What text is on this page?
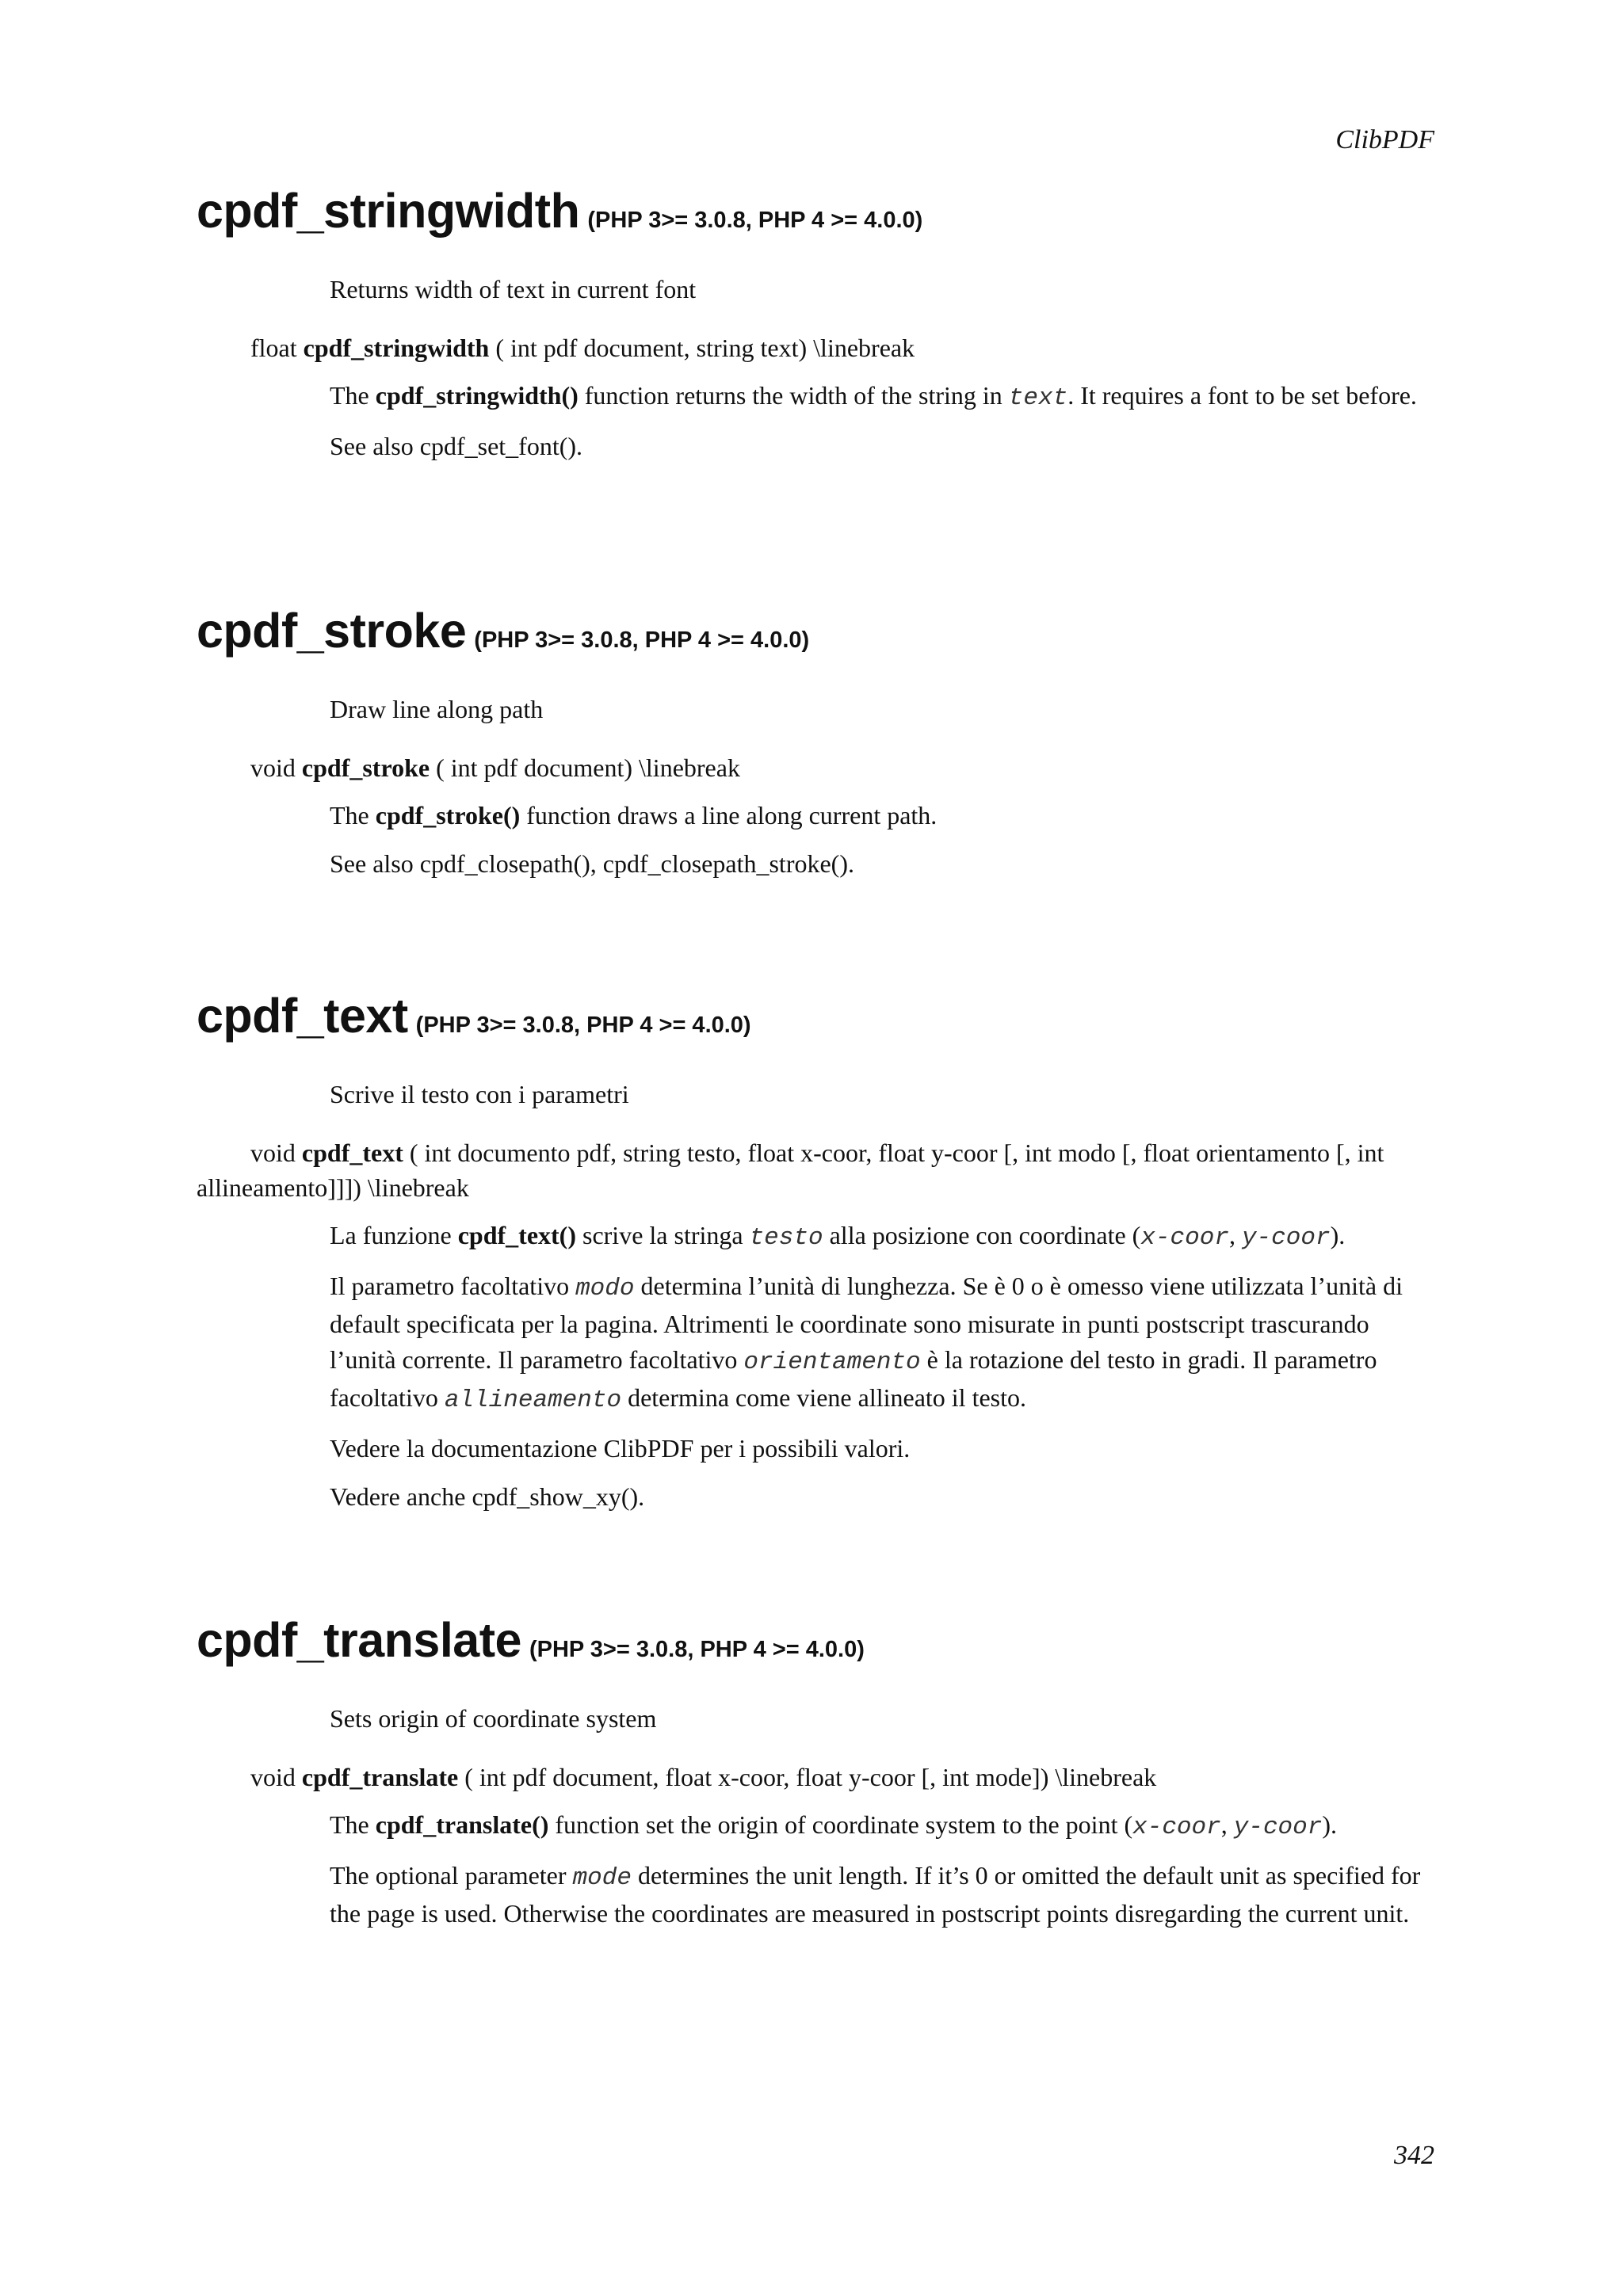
ClibPDF
cpdf_stringwidth (PHP 3>= 3.0.8, PHP 4 >= 4.0.0)

Returns width of text in current font

float cpdf_stringwidth ( int pdf document, string text) \linebreak

The cpdf_stringwidth() function returns the width of the string in text. It requires a font to be set before.

See also cpdf_set_font().

cpdf_stroke (PHP 3>= 3.0.8, PHP 4 >= 4.0.0)

Draw line along path

void cpdf_stroke ( int pdf document) \linebreak

The cpdf_stroke() function draws a line along current path.

See also cpdf_closepath(), cpdf_closepath_stroke().

cpdf_text (PHP 3>= 3.0.8, PHP 4 >= 4.0.0)

Scrive il testo con i parametri

void cpdf_text ( int documento pdf, string testo, float x-coor, float y-coor [, int modo [, float orientamento [, int allineamento]]]) \linebreak

La funzione cpdf_text() scrive la stringa testo alla posizione con coordinate (x-coor, y-coor).

Il parametro facoltativo modo determina l’unità di lunghezza. Se è 0 o è omesso viene utilizzata l’unità di default specificata per la pagina. Altrimenti le coordinate sono misurate in punti postscript trascurando l’unità corrente. Il parametro facoltativo orientamento è la rotazione del testo in gradi. Il parametro facoltativo allineamento determina come viene allineato il testo.

Vedere la documentazione ClibPDF per i possibili valori.

Vedere anche cpdf_show_xy().

cpdf_translate (PHP 3>= 3.0.8, PHP 4 >= 4.0.0)

Sets origin of coordinate system

void cpdf_translate ( int pdf document, float x-coor, float y-coor [, int mode]) \linebreak

The cpdf_translate() function set the origin of coordinate system to the point (x-coor, y-coor).

The optional parameter mode determines the unit length. If it’s 0 or omitted the default unit as specified for the page is used. Otherwise the coordinates are measured in postscript points disregarding the current unit.

342
